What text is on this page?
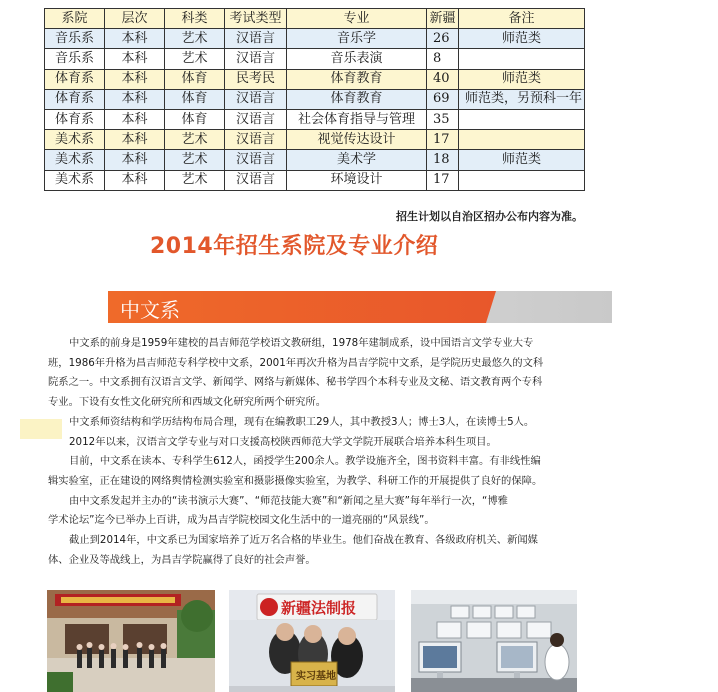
系院	层次	科类	考试类型	专业	新疆	备注
音乐系	本科	艺术	汉语言	音乐学	26	师范类
音乐系	本科	艺术	汉语言	音乐表演	8	
体育系	本科	体育	民考民	体育教育	40	师范类
体育系	本科	体育	汉语言	体育教育	69	师范类，另预科一年
体育系	本科	体育	汉语言	社会体育指导与管理	35	
美术系	本科	艺术	汉语言	视觉传达设计	17	
美术系	本科	艺术	汉语言	美术学	18	师范类
美术系	本科	艺术	汉语言	环境设计	17	
招生计划以自治区招办公布内容为准。
2014年招生系院及专业介绍
中文系

中文系的前身是1959年建校的昌吉师范学校语文教研组，1978年建制成系，设中国语言文学专业大专

班，1986年升格为昌吉师范专科学校中文系，2001年再次升格为昌吉学院中文系，是学院历史最悠久的文科

院系之一。中文系拥有汉语言文学、新闻学、网络与新媒体、秘书学四个本科专业及文秘、语文教育两个专科

专业。下设有女性文化研究所和西域文化研究所两个研究所。

中文系师资结构和学历结构布局合理，现有在编教职工29人，其中教授3人；博士3人，在读博士5人。

2012年以来，汉语言文学专业与对口支援高校陕西师范大学文学院开展联合培养本科生项目。

目前，中文系在读本、专科学生612人，函授学生200余人。教学设施齐全，图书资料丰富。有非线性编

辑实验室，正在建设的网络舆情检测实验室和摄影摄像实验室，为教学、科研工作的开展提供了良好的保障。

由中文系发起并主办的“读书演示大赛”、“师范技能大赛”和“新闻之星大赛”每年举行一次，“博雅

学术论坛”迄今已举办上百讲，成为昌吉学院校园文化生活中的一道亮丽的“风景线”。

截止到2014年，中文系已为国家培养了近万名合格的毕业生。他们奋战在教育、各级政府机关、新闻媒

体、企业及等战线上，为昌吉学院赢得了良好的社会声誉。

新疆法制报
实习基地
